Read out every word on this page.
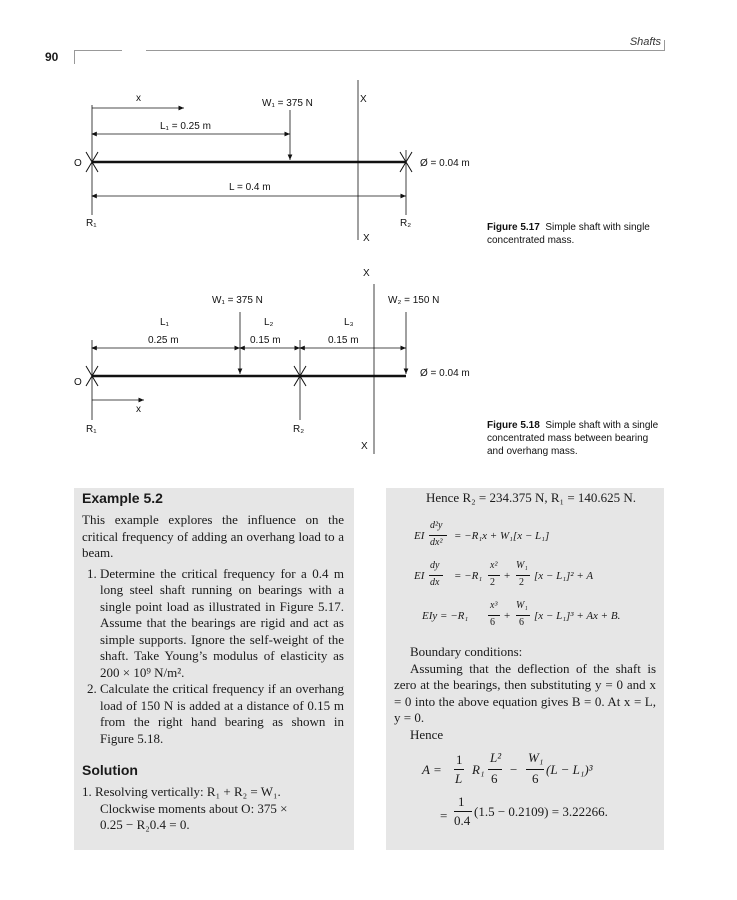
90
Shafts
x
L₁ = 0.25 m
W₁ = 375 N	X
X
L = 0.4 m
O	Ø = 0.04 m
R₁	R₂	Figure 5.17 Simple shaft with single concentrated mass.
X
X
W₁ = 375 N	W₂ = 150 N
L₁	L₂	L₃
0.25 m	0.15 m	0.15 m
x
O
Ø = 0.04 m
R₁	R₂	Figure 5.18 Simple shaft with a single concentrated mass between bearing and overhang mass.
Example 5.2
This example explores the influence on the critical frequency of adding an overhang load to a beam.
1. Determine the critical frequency for a 0.4 m long steel shaft running on bearings with a single point load as illustrated in Figure 5.17. Assume that the bearings are rigid and act as simple supports. Ignore the self-weight of the shaft. Take Young’s modulus of elasticity as 200 × 10⁹ N/m².
2. Calculate the critical frequency if an overhang load of 150 N is added at a distance of 0.15 m from the right hand bearing as shown in Figure 5.18.
Solution
1. Resolving vertically: R₁ + R₂ = W₁.
Clockwise moments about O: 375 ×
0.25 − R₂0.4 = 0.
Hence R₂ = 234.375 N, R₁ = 140.625 N.
EI
d²y
dx²
= −R₁x + W₁[x − L₁]
EI
dy
dx
= −R₁
x²
2
+
W₁
2
[x − L₁]² + A
EIy = −R₁
x³
6
+
W₁
6
[x − L₁]³ + Ax + B.
Boundary conditions:
Assuming that the deflection of the shaft is zero at the bearings, then substituting y = 0 and x = 0 into the above equation gives B = 0. At x = L, y = 0.
Hence
A =
1
L
R₁
L²
6
−
W₁
6
(L − L₁)³
=
1
0.4
(1.5 − 0.2109) = 3.22266.
